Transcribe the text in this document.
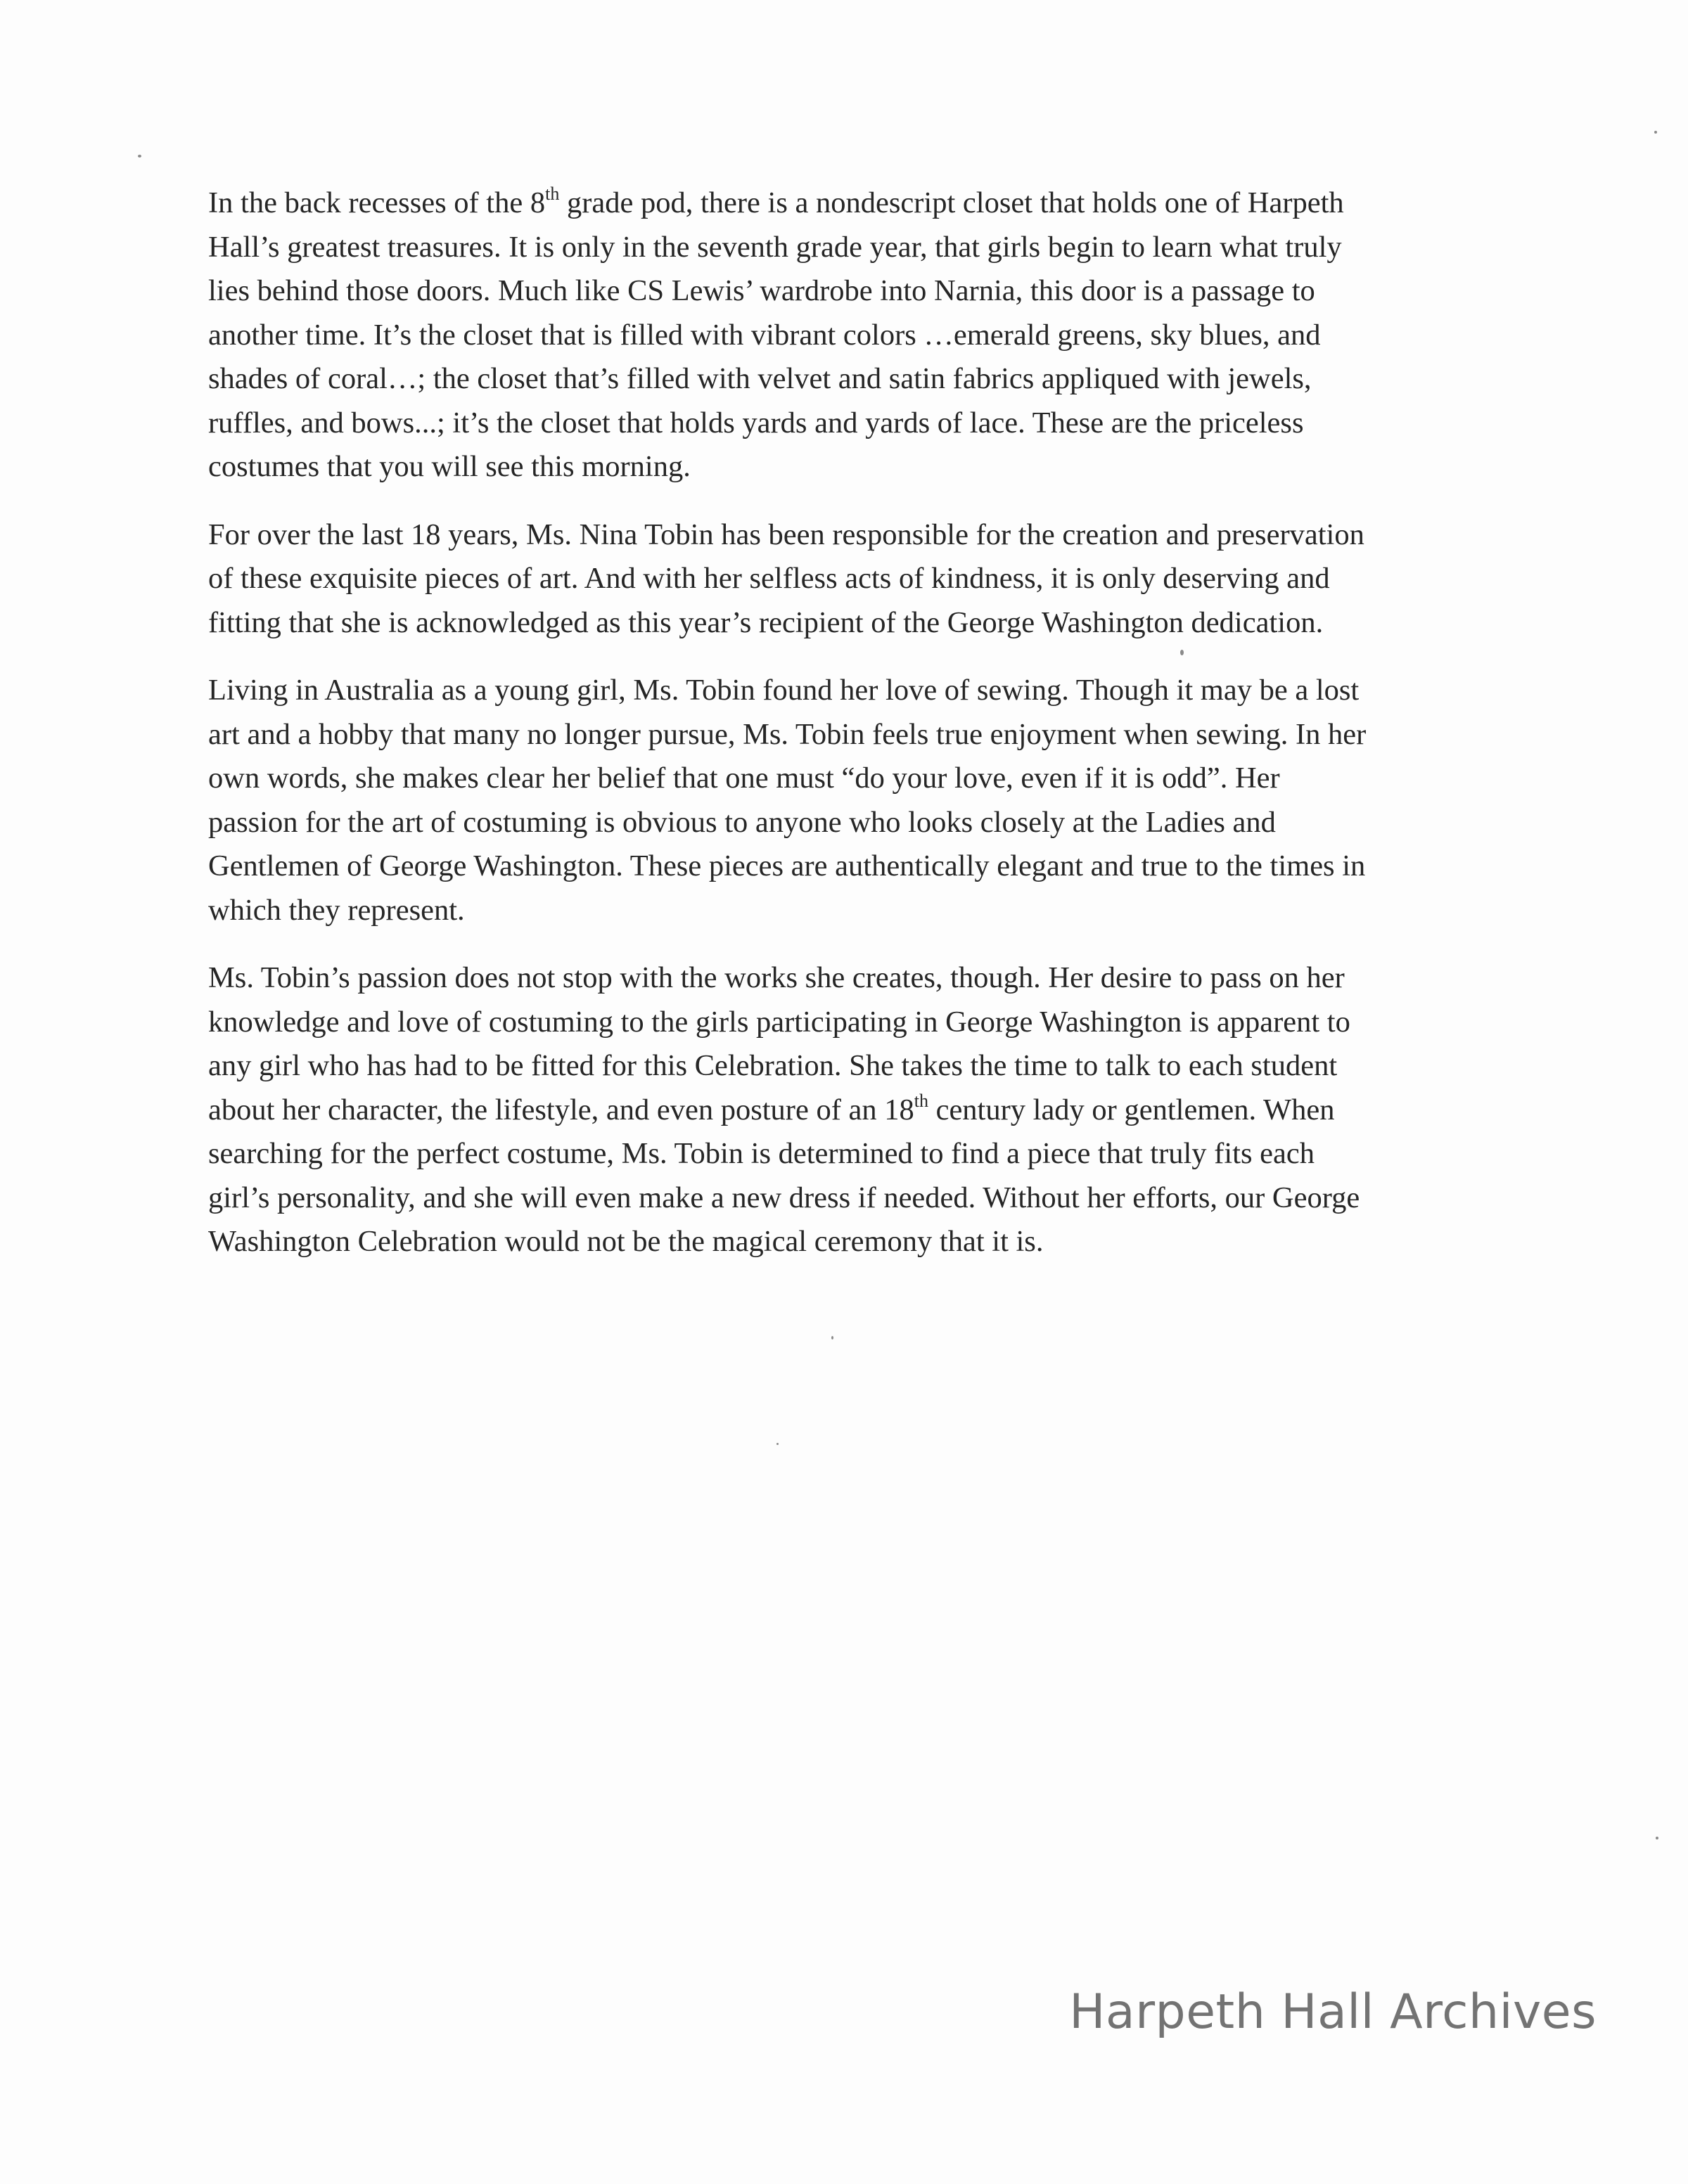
In the back recesses of the 8th grade pod, there is a nondescript closet that holds one of Harpeth
Hall’s greatest treasures. It is only in the seventh grade year, that girls begin to learn what truly
lies behind those doors. Much like CS Lewis’ wardrobe into Narnia, this door is a passage to
another time. It’s the closet that is filled with vibrant colors …emerald greens, sky blues, and
shades of coral…; the closet that’s filled with velvet and satin fabrics appliqued with jewels,
ruffles, and bows...; it’s the closet that holds yards and yards of lace. These are the priceless
costumes that you will see this morning.

For over the last 18 years, Ms. Nina Tobin has been responsible for the creation and preservation
of these exquisite pieces of art. And with her selfless acts of kindness, it is only deserving and
fitting that she is acknowledged as this year’s recipient of the George Washington dedication.

Living in Australia as a young girl, Ms. Tobin found her love of sewing. Though it may be a lost
art and a hobby that many no longer pursue, Ms. Tobin feels true enjoyment when sewing. In her
own words, she makes clear her belief that one must “do your love, even if it is odd”. Her
passion for the art of costuming is obvious to anyone who looks closely at the Ladies and
Gentlemen of George Washington. These pieces are authentically elegant and true to the times in
which they represent.

Ms. Tobin’s passion does not stop with the works she creates, though. Her desire to pass on her
knowledge and love of costuming to the girls participating in George Washington is apparent to
any girl who has had to be fitted for this Celebration. She takes the time to talk to each student
about her character, the lifestyle, and even posture of an 18th century lady or gentlemen. When
searching for the perfect costume, Ms. Tobin is determined to find a piece that truly fits each
girl’s personality, and she will even make a new dress if needed. Without her efforts, our George
Washington Celebration would not be the magical ceremony that it is.

Harpeth Hall Archives
